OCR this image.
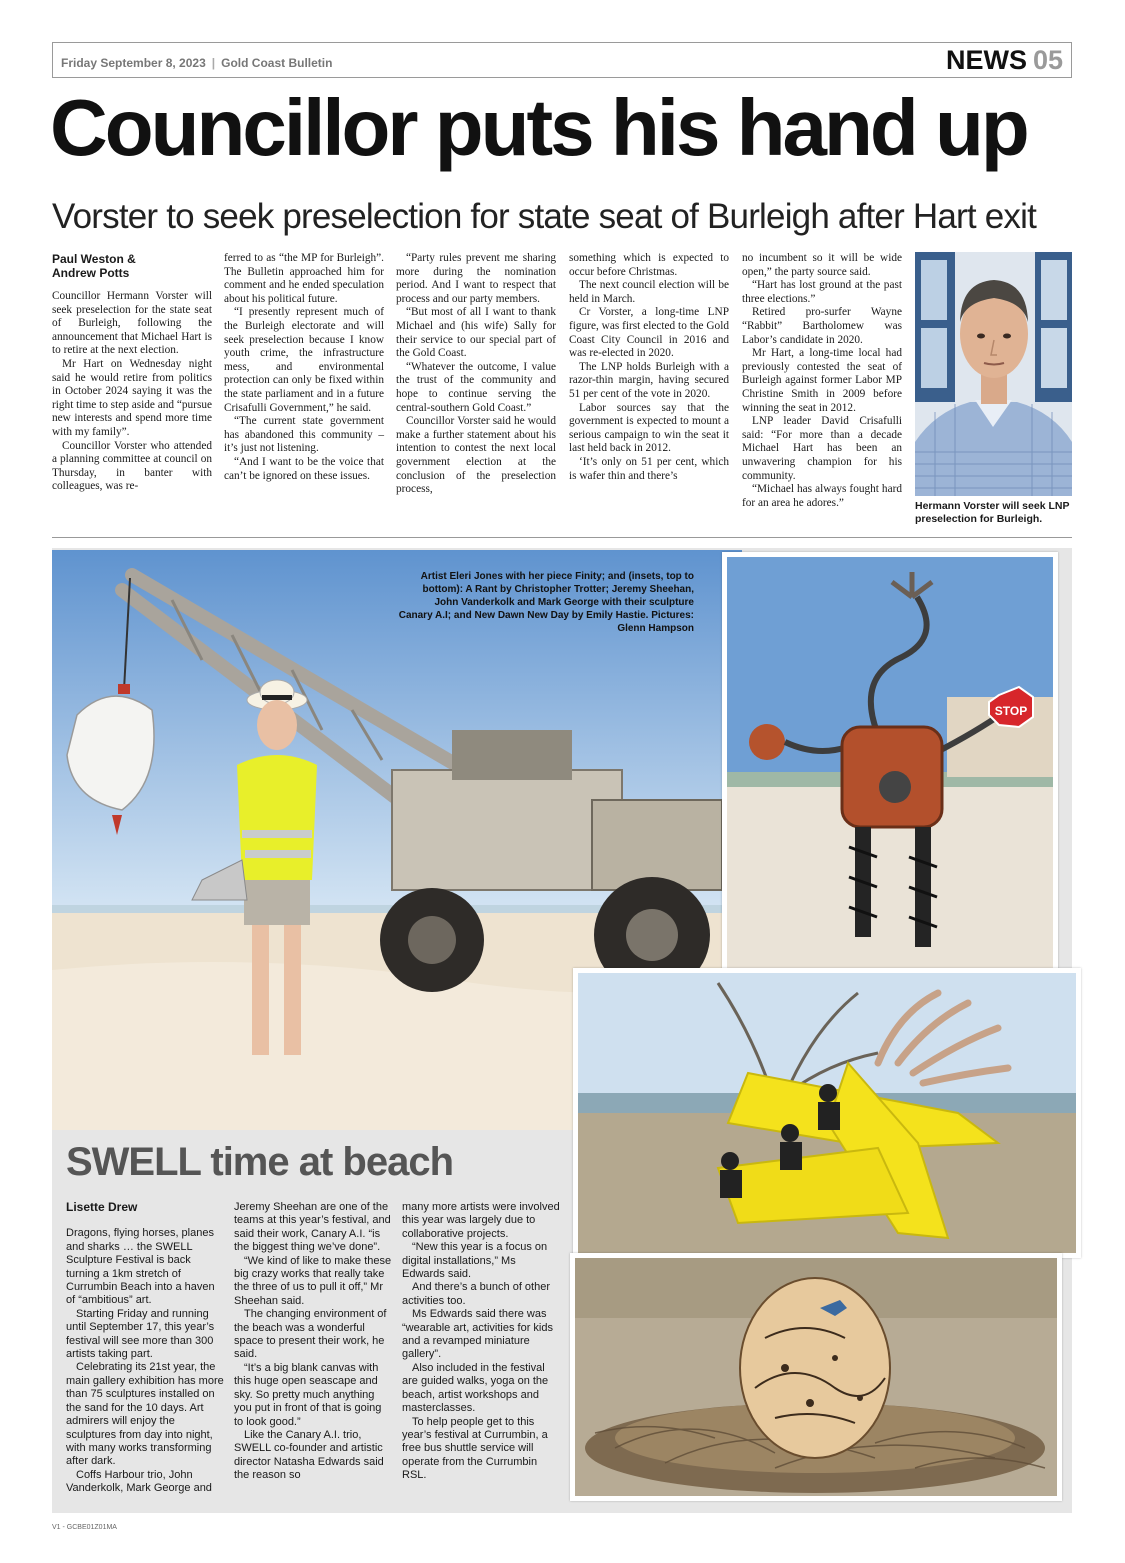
Friday September 8, 2023 | Gold Coast Bulletin	NEWS 05
Councillor puts his hand up
Vorster to seek preselection for state seat of Burleigh after Hart exit
Paul Weston &
Andrew Potts

Councillor Hermann Vorster will seek preselection for the state seat of Burleigh, following the announcement that Michael Hart is to retire at the next election.

Mr Hart on Wednesday night said he would retire from politics in October 2024 saying it was the right time to step aside and “pursue new interests and spend more time with my family”.

Councillor Vorster who attended a planning committee at council on Thursday, in banter with colleagues, was re-

ferred to as “the MP for Burleigh”. The Bulletin approached him for comment and he ended speculation about his political future.

“I presently represent much of the Burleigh electorate and will seek preselection because I know youth crime, the infrastructure mess, and environmental protection can only be fixed within the state parliament and in a future Crisafulli Government,” he said.

“The current state government has abandoned this community – it’s just not listening.

“And I want to be the voice that can’t be ignored on these issues.

“Party rules prevent me sharing more during the nomination period. And I want to respect that process and our party members.

“But most of all I want to thank Michael and (his wife) Sally for their service to our special part of the Gold Coast.

“Whatever the outcome, I value the trust of the community and hope to continue serving the central-southern Gold Coast.”

Councillor Vorster said he would make a further statement about his intention to contest the next local government election at the conclusion of the preselection process,

something which is expected to occur before Christmas.

The next council election will be held in March.

Cr Vorster, a long-time LNP figure, was first elected to the Gold Coast City Council in 2016 and was re-elected in 2020.

The LNP holds Burleigh with a razor-thin margin, having secured 51 per cent of the vote in 2020.

Labor sources say that the government is expected to mount a serious campaign to win the seat it last held back in 2012.

‘It’s only on 51 per cent, which is wafer thin and there’s

no incumbent so it will be wide open,” the party source said.

“Hart has lost ground at the past three elections.”

Retired pro-surfer Wayne “Rabbit” Bartholomew was Labor’s candidate in 2020.

Mr Hart, a long-time local had previously contested the seat of Burleigh against former Labor MP Christine Smith in 2009 before winning the seat in 2012.

LNP leader David Crisafulli said: “For more than a decade Michael Hart has been an unwavering champion for his community.

“Michael has always fought hard for an area he adores.”	Hermann Vorster will seek LNP preselection for Burleigh.
Artist Eleri Jones with her piece Finity; and (insets, top to bottom): A Rant by Christopher Trotter; Jeremy Sheehan, John Vanderkolk and Mark George with their sculpture Canary A.I; and New Dawn New Day by Emily Hastie. Pictures: Glenn Hampson
STOP
SWELL time at beach
Lisette Drew

Dragons, flying horses, planes and sharks … the SWELL Sculpture Festival is back turning a 1km stretch of Currumbin Beach into a haven of “ambitious” art.

Starting Friday and running until September 17, this year’s festival will see more than 300 artists taking part.

Celebrating its 21st year, the main gallery exhibition has more than 75 sculptures installed on the sand for the 10 days. Art admirers will enjoy the sculptures from day into night, with many works transforming after dark.

Coffs Harbour trio, John Vanderkolk, Mark George and

Jeremy Sheehan are one of the teams at this year’s festival, and said their work, Canary A.I. “is the biggest thing we’ve done”.

“We kind of like to make these big crazy works that really take the three of us to pull it off,” Mr Sheehan said.

The changing environment of the beach was a wonderful space to present their work, he said.

“It’s a big blank canvas with this huge open seascape and sky. So pretty much anything you put in front of that is going to look good.”

Like the Canary A.I. trio, SWELL co-founder and artistic director Natasha Edwards said the reason so

many more artists were involved this year was largely due to collaborative projects.

“New this year is a focus on digital installations,” Ms Edwards said.

And there’s a bunch of other activities too.

Ms Edwards said there was “wearable art, activities for kids and a revamped miniature gallery”.

Also included in the festival are guided walks, yoga on the beach, artist workshops and masterclasses.

To help people get to this year’s festival at Currumbin, a free bus shuttle service will operate from the Currumbin RSL.

V1 - GCBE01Z01MA
